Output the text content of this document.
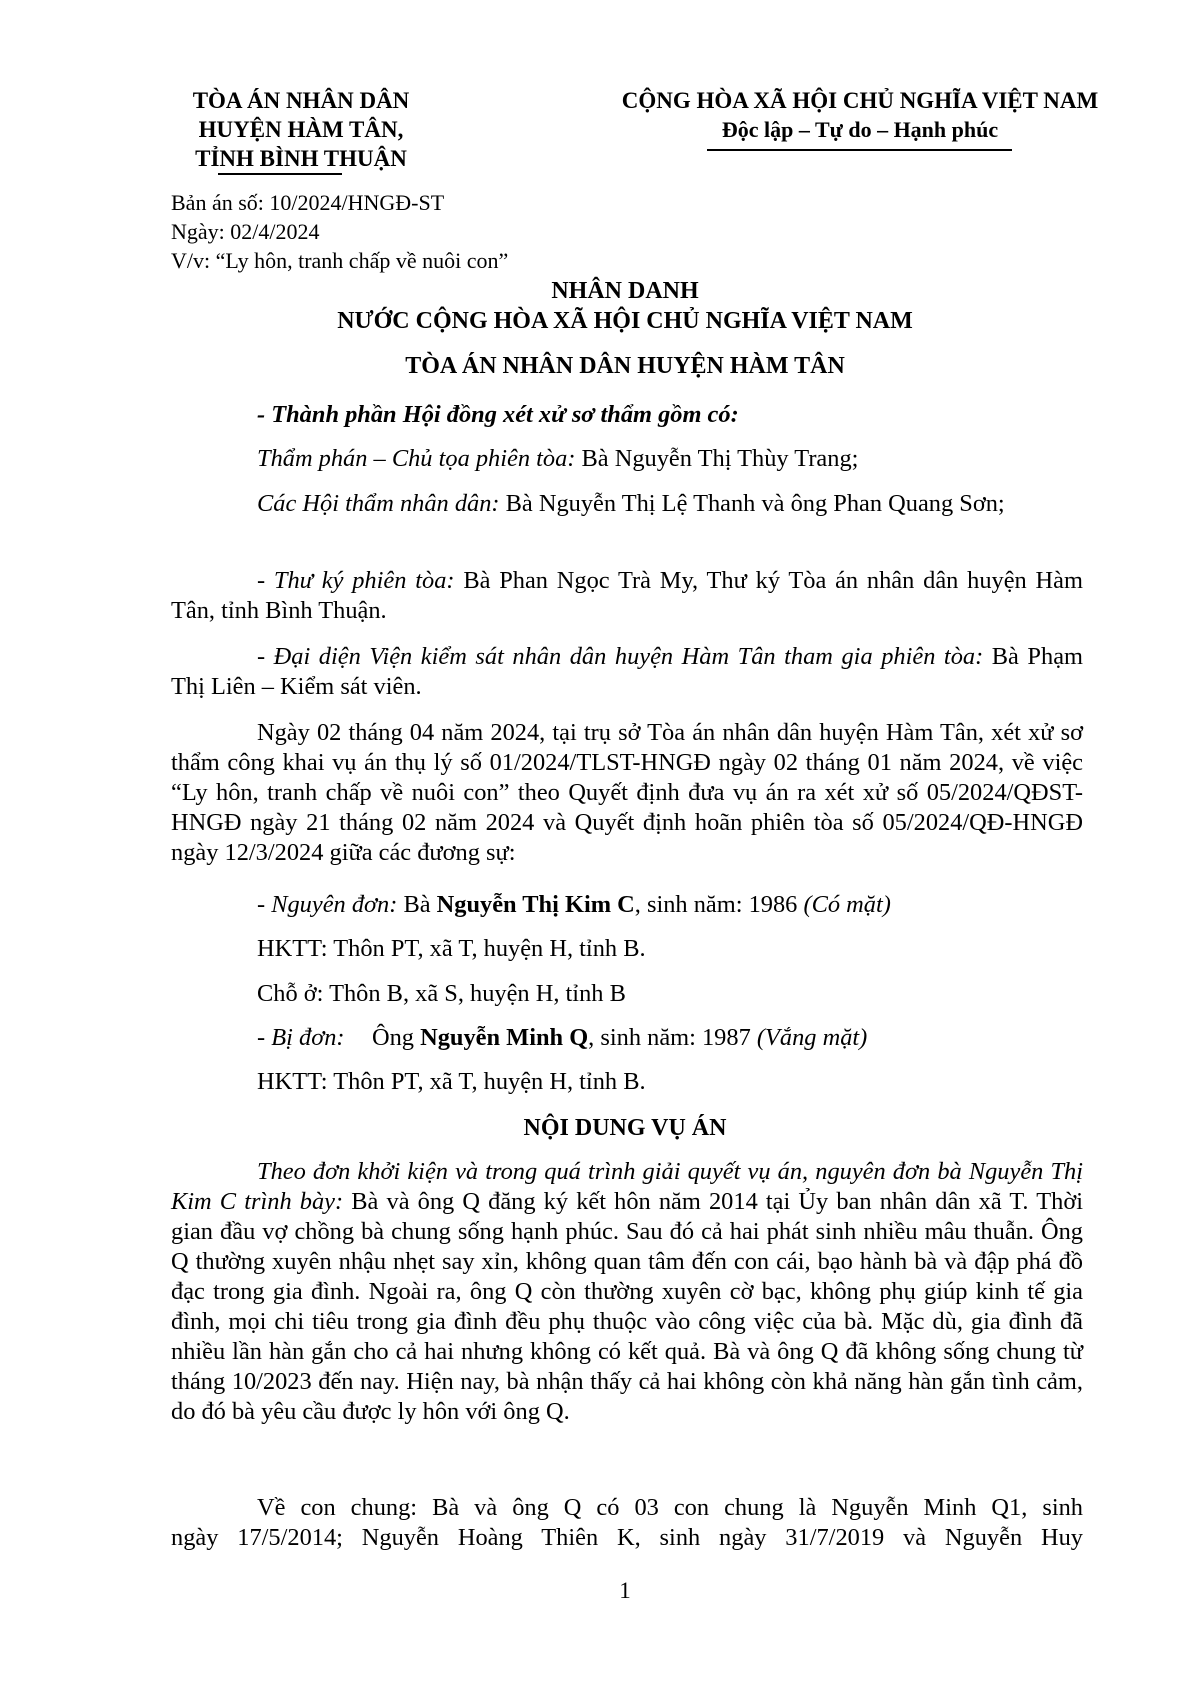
TÒA ÁN NHÂN DÂN
HUYỆN HÀM TÂN,
TỈNH BÌNH THUẬN
CỘNG HÒA XÃ HỘI CHỦ NGHĨA VIỆT NAM
Độc lập – Tự do – Hạnh phúc
Bản án số: 10/2024/HNGĐ-ST
Ngày: 02/4/2024
V/v: “Ly hôn, tranh chấp về nuôi con”
NHÂN DANH
NƯỚC CỘNG HÒA XÃ HỘI CHỦ NGHĨA VIỆT NAM
TÒA ÁN NHÂN DÂN HUYỆN HÀM TÂN
- Thành phần Hội đồng xét xử sơ thẩm gồm có:
Thẩm phán – Chủ tọa phiên tòa: Bà Nguyễn Thị Thùy Trang;
Các Hội thẩm nhân dân: Bà Nguyễn Thị Lệ Thanh và ông Phan Quang Sơn;
- Thư ký phiên tòa: Bà Phan Ngọc Trà My, Thư ký Tòa án nhân dân huyện Hàm Tân, tỉnh Bình Thuận.
- Đại diện Viện kiểm sát nhân dân huyện Hàm Tân tham gia phiên tòa: Bà Phạm Thị Liên – Kiểm sát viên.
Ngày 02 tháng 04 năm 2024, tại trụ sở Tòa án nhân dân huyện Hàm Tân, xét xử sơ thẩm công khai vụ án thụ lý số 01/2024/TLST-HNGĐ ngày 02 tháng 01 năm 2024, về việc “Ly hôn, tranh chấp về nuôi con” theo Quyết định đưa vụ án ra xét xử số 05/2024/QĐST-HNGĐ ngày 21 tháng 02 năm 2024 và Quyết định hoãn phiên tòa số 05/2024/QĐ-HNGĐ ngày 12/3/2024 giữa các đương sự:
- Nguyên đơn: Bà Nguyễn Thị Kim C, sinh năm: 1986 (Có mặt)
HKTT: Thôn PT, xã T, huyện H, tỉnh B.
Chỗ ở: Thôn B, xã S, huyện H, tỉnh B
- Bị đơn: Ông Nguyễn Minh Q, sinh năm: 1987 (Vắng mặt)
HKTT: Thôn PT, xã T, huyện H, tỉnh B.
NỘI DUNG VỤ ÁN
Theo đơn khởi kiện và trong quá trình giải quyết vụ án, nguyên đơn bà Nguyễn Thị Kim C trình bày: Bà và ông Q đăng ký kết hôn năm 2014 tại Ủy ban nhân dân xã T. Thời gian đầu vợ chồng bà chung sống hạnh phúc. Sau đó cả hai phát sinh nhiều mâu thuẫn. Ông Q thường xuyên nhậu nhẹt say xỉn, không quan tâm đến con cái, bạo hành bà và đập phá đồ đạc trong gia đình. Ngoài ra, ông Q còn thường xuyên cờ bạc, không phụ giúp kinh tế gia đình, mọi chi tiêu trong gia đình đều phụ thuộc vào công việc của bà. Mặc dù, gia đình đã nhiều lần hàn gắn cho cả hai nhưng không có kết quả. Bà và ông Q đã không sống chung từ tháng 10/2023 đến nay. Hiện nay, bà nhận thấy cả hai không còn khả năng hàn gắn tình cảm, do đó bà yêu cầu được ly hôn với ông Q.
Về con chung: Bà và ông Q có 03 con chung là Nguyễn Minh Q1, sinh
ngày 17/5/2014; Nguyễn Hoàng Thiên K, sinh ngày 31/7/2019 và Nguyễn Huy
1
